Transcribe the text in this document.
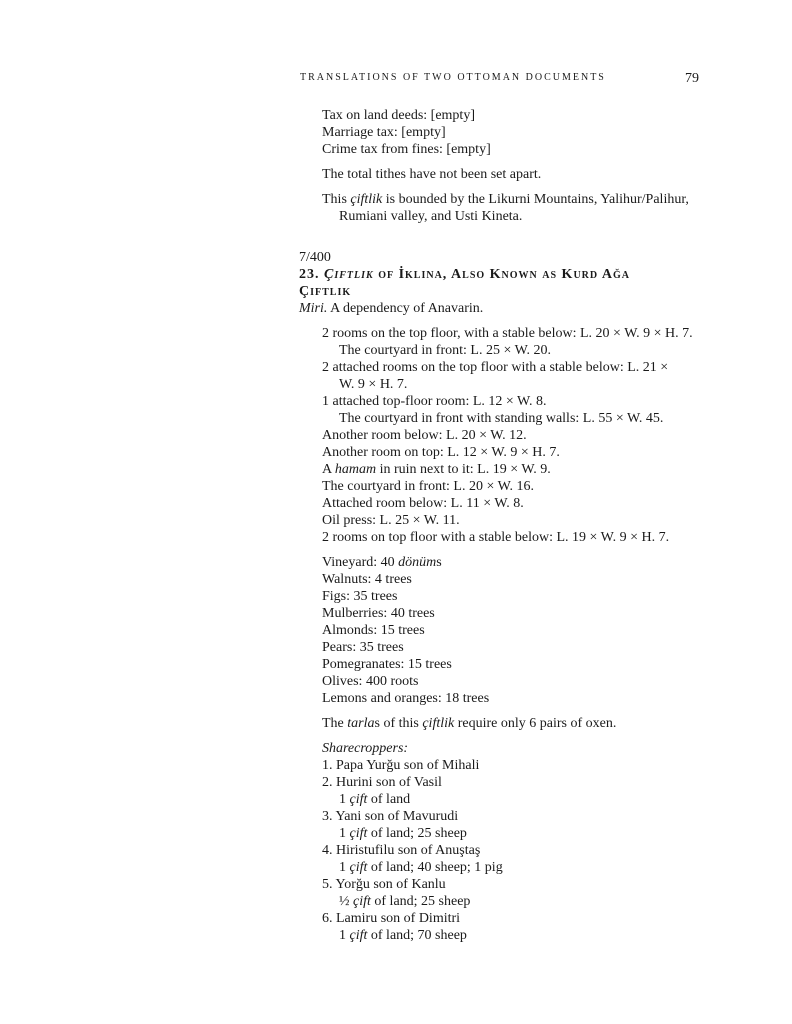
TRANSLATIONS OF TWO OTTOMAN DOCUMENTS	79
Tax on land deeds: [empty]
Marriage tax: [empty]
Crime tax from fines: [empty]
The total tithes have not been set apart.
This çiftlik is bounded by the Likurni Mountains, Yalihur/Palihur,
Rumiani valley, and Usti Kineta.
7/400
23. Çiftlik of İklina, Also Known as Kurd Ağa
Çiftlik
Miri. A dependency of Anavarin.
2 rooms on the top floor, with a stable below: L. 20 × W. 9 × H. 7.
The courtyard in front: L. 25 × W. 20.
2 attached rooms on the top floor with a stable below: L. 21 ×
W. 9 × H. 7.
1 attached top-floor room: L. 12 × W. 8.
The courtyard in front with standing walls: L. 55 × W. 45.
Another room below: L. 20 × W. 12.
Another room on top: L. 12 × W. 9 × H. 7.
A hamam in ruin next to it: L. 19 × W. 9.
The courtyard in front: L. 20 × W. 16.
Attached room below: L. 11 × W. 8.
Oil press: L. 25 × W. 11.
2 rooms on top floor with a stable below: L. 19 × W. 9 × H. 7.
Vineyard: 40 dönüms
Walnuts: 4 trees
Figs: 35 trees
Mulberries: 40 trees
Almonds: 15 trees
Pears: 35 trees
Pomegranates: 15 trees
Olives: 400 roots
Lemons and oranges: 18 trees
The tarlas of this çiftlik require only 6 pairs of oxen.
Sharecroppers:
1. Papa Yurğu son of Mihali
2. Hurini son of Vasil
1 çift of land
3. Yani son of Mavurudi
1 çift of land; 25 sheep
4. Hiristufilu son of Anuştaş
1 çift of land; 40 sheep; 1 pig
5. Yorğu son of Kanlu
½ çift of land; 25 sheep
6. Lamiru son of Dimitri
1 çift of land; 70 sheep
